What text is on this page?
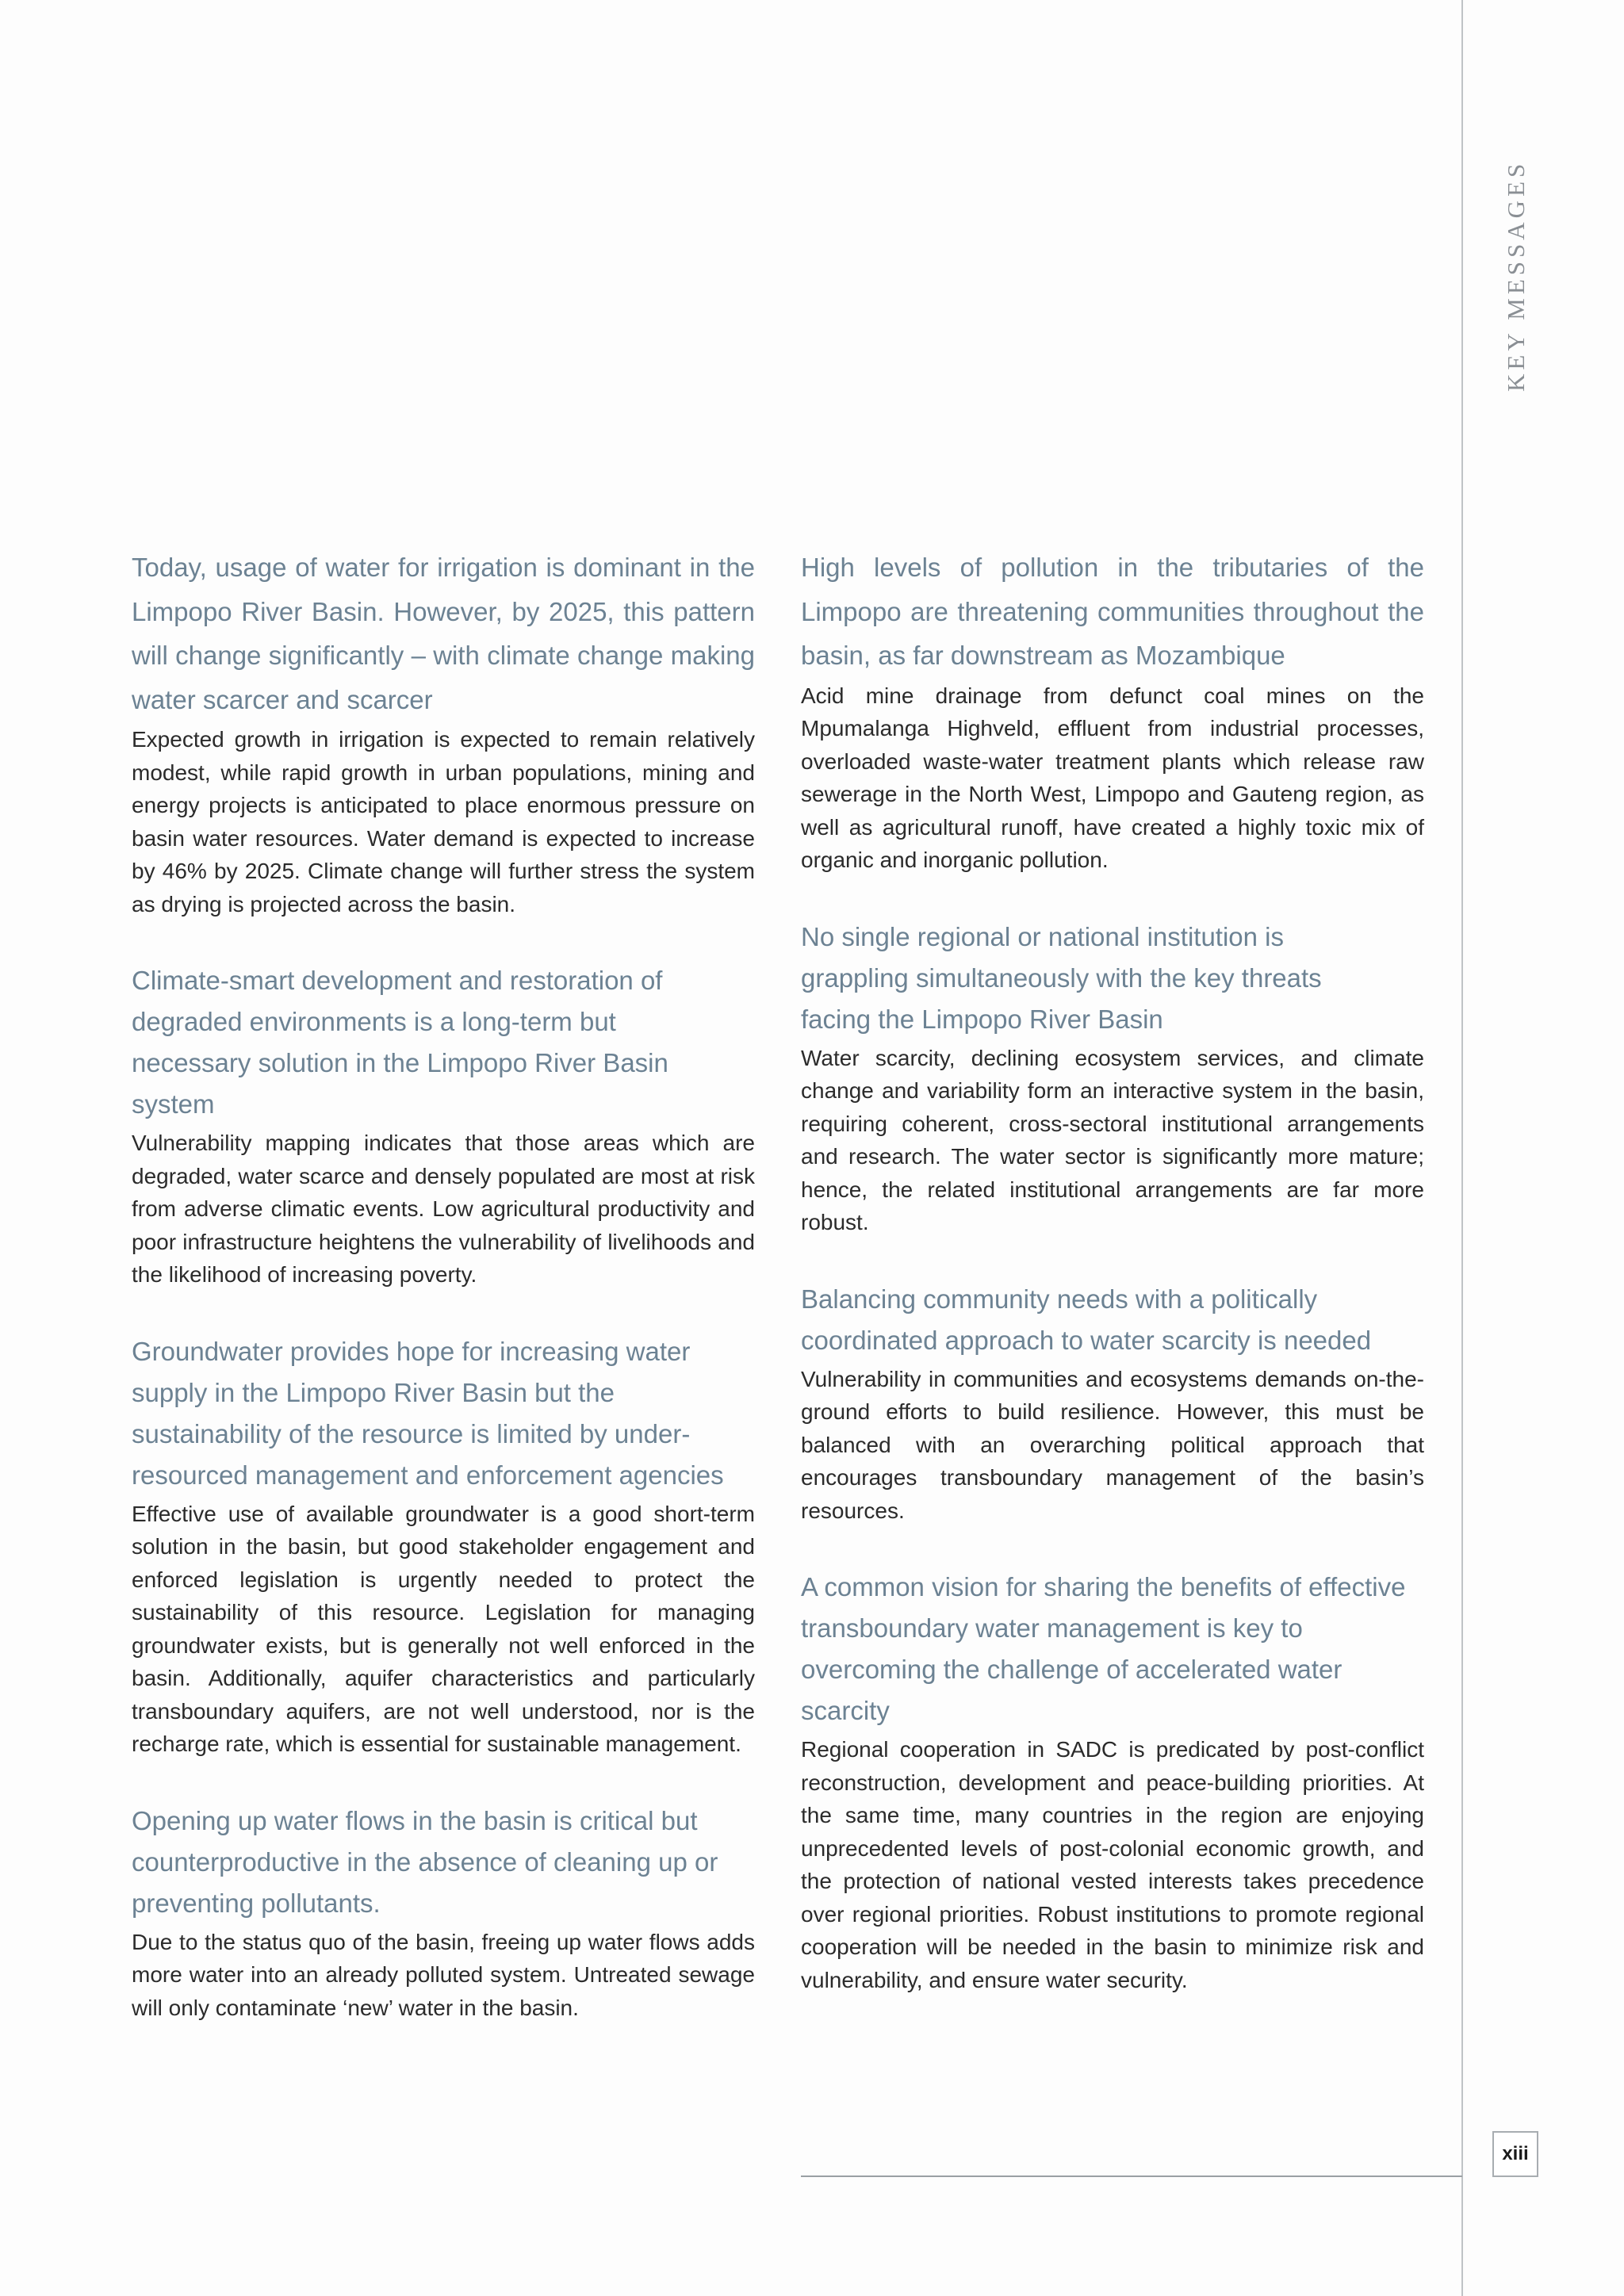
KEY MESSAGES
Today, usage of water for irrigation is dominant in the Limpopo River Basin. However, by 2025, this pattern will change significantly – with climate change making water scarcer and scarcer

Expected growth in irrigation is expected to remain relatively modest, while rapid growth in urban populations, mining and energy projects is anticipated to place enormous pressure on basin water resources. Water demand is expected to increase by 46% by 2025. Climate change will further stress the system as drying is projected across the basin.

Climate-smart development and restoration of degraded environments is a long-term but necessary solution in the Limpopo River Basin system

Vulnerability mapping indicates that those areas which are degraded, water scarce and densely populated are most at risk from adverse climatic events. Low agricultural productivity and poor infrastructure heightens the vulnerability of livelihoods and the likelihood of increasing poverty.

Groundwater provides hope for increasing water supply in the Limpopo River Basin but the sustainability of the resource is limited by under-resourced management and enforcement agencies

Effective use of available groundwater is a good short-term solution in the basin, but good stakeholder engagement and enforced legislation is urgently needed to protect the sustainability of this resource. Legislation for managing groundwater exists, but is generally not well enforced in the basin. Additionally, aquifer characteristics and particularly transboundary aquifers, are not well understood, nor is the recharge rate, which is essential for sustainable management.

Opening up water flows in the basin is critical but counterproductive in the absence of cleaning up or preventing pollutants.

Due to the status quo of the basin, freeing up water flows adds more water into an already polluted system. Untreated sewage will only contaminate ‘new’ water in the basin.

High levels of pollution in the tributaries of the Limpopo are threatening communities throughout the basin, as far downstream as Mozambique

Acid mine drainage from defunct coal mines on the Mpumalanga Highveld, effluent from industrial processes, overloaded waste-water treatment plants which release raw sewerage in the North West, Limpopo and Gauteng region, as well as agricultural runoff, have created a highly toxic mix of organic and inorganic pollution.

No single regional or national institution is grappling simultaneously with the key threats facing the Limpopo River Basin

Water scarcity, declining ecosystem services, and climate change and variability form an interactive system in the basin, requiring coherent, cross-sectoral institutional arrangements and research. The water sector is significantly more mature; hence, the related institutional arrangements are far more robust.

Balancing community needs with a politically coordinated approach to water scarcity is needed

Vulnerability in communities and ecosystems demands on-the-ground efforts to build resilience. However, this must be balanced with an overarching political approach that encourages transboundary management of the basin’s resources.

A common vision for sharing the benefits of effective transboundary water management is key to overcoming the challenge of accelerated water scarcity

Regional cooperation in SADC is predicated by post-conflict reconstruction, development and peace-building priorities. At the same time, many countries in the region are enjoying unprecedented levels of post-colonial economic growth, and the protection of national vested interests takes precedence over regional priorities. Robust institutions to promote regional cooperation will be needed in the basin to minimize risk and vulnerability, and ensure water security.

xiii
